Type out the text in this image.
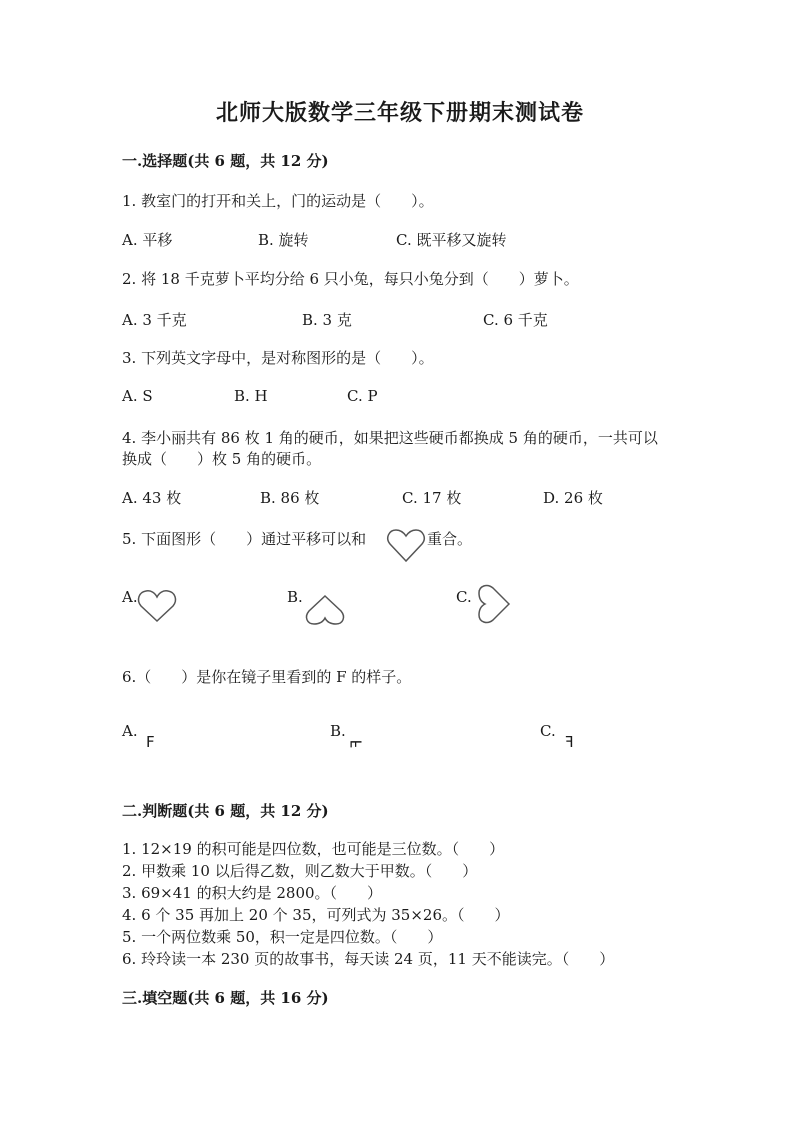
北师大版数学三年级下册期末测试卷
一.选择题(共 6 题，共 12 分)
1. 教室门的打开和关上，门的运动是（　　）。
A. 平移	B. 旋转	C. 既平移又旋转
2. 将 18 千克萝卜平均分给 6 只小兔，每只小兔分到（　　）萝卜。
A. 3 千克	B. 3 克	C. 6 千克
3. 下列英文字母中，是对称图形的是（　　）。
A. S	B. H	C. P
4. 李小丽共有 86 枚 1 角的硬币，如果把这些硬币都换成 5 角的硬币，一共可以
换成（　　）枚 5 角的硬币。
A. 43 枚	B. 86 枚	C. 17 枚	D. 26 枚
5. 下面图形（　　）通过平移可以和	重合。
A.	B.	C.
6.（　　）是你在镜子里看到的 F 的样子。
A.
F
B.
F
C.
F
二.判断题(共 6 题，共 12 分)
1. 12×19 的积可能是四位数，也可能是三位数。（　　）
2. 甲数乘 10 以后得乙数，则乙数大于甲数。（　　）
3. 69×41 的积大约是 2800。（　　）
4. 6 个 35 再加上 20 个 35，可列式为 35×26。（　　）
5. 一个两位数乘 50，积一定是四位数。（　　）
6. 玲玲读一本 230 页的故事书，每天读 24 页，11 天不能读完。（　　）
三.填空题(共 6 题，共 16 分)
